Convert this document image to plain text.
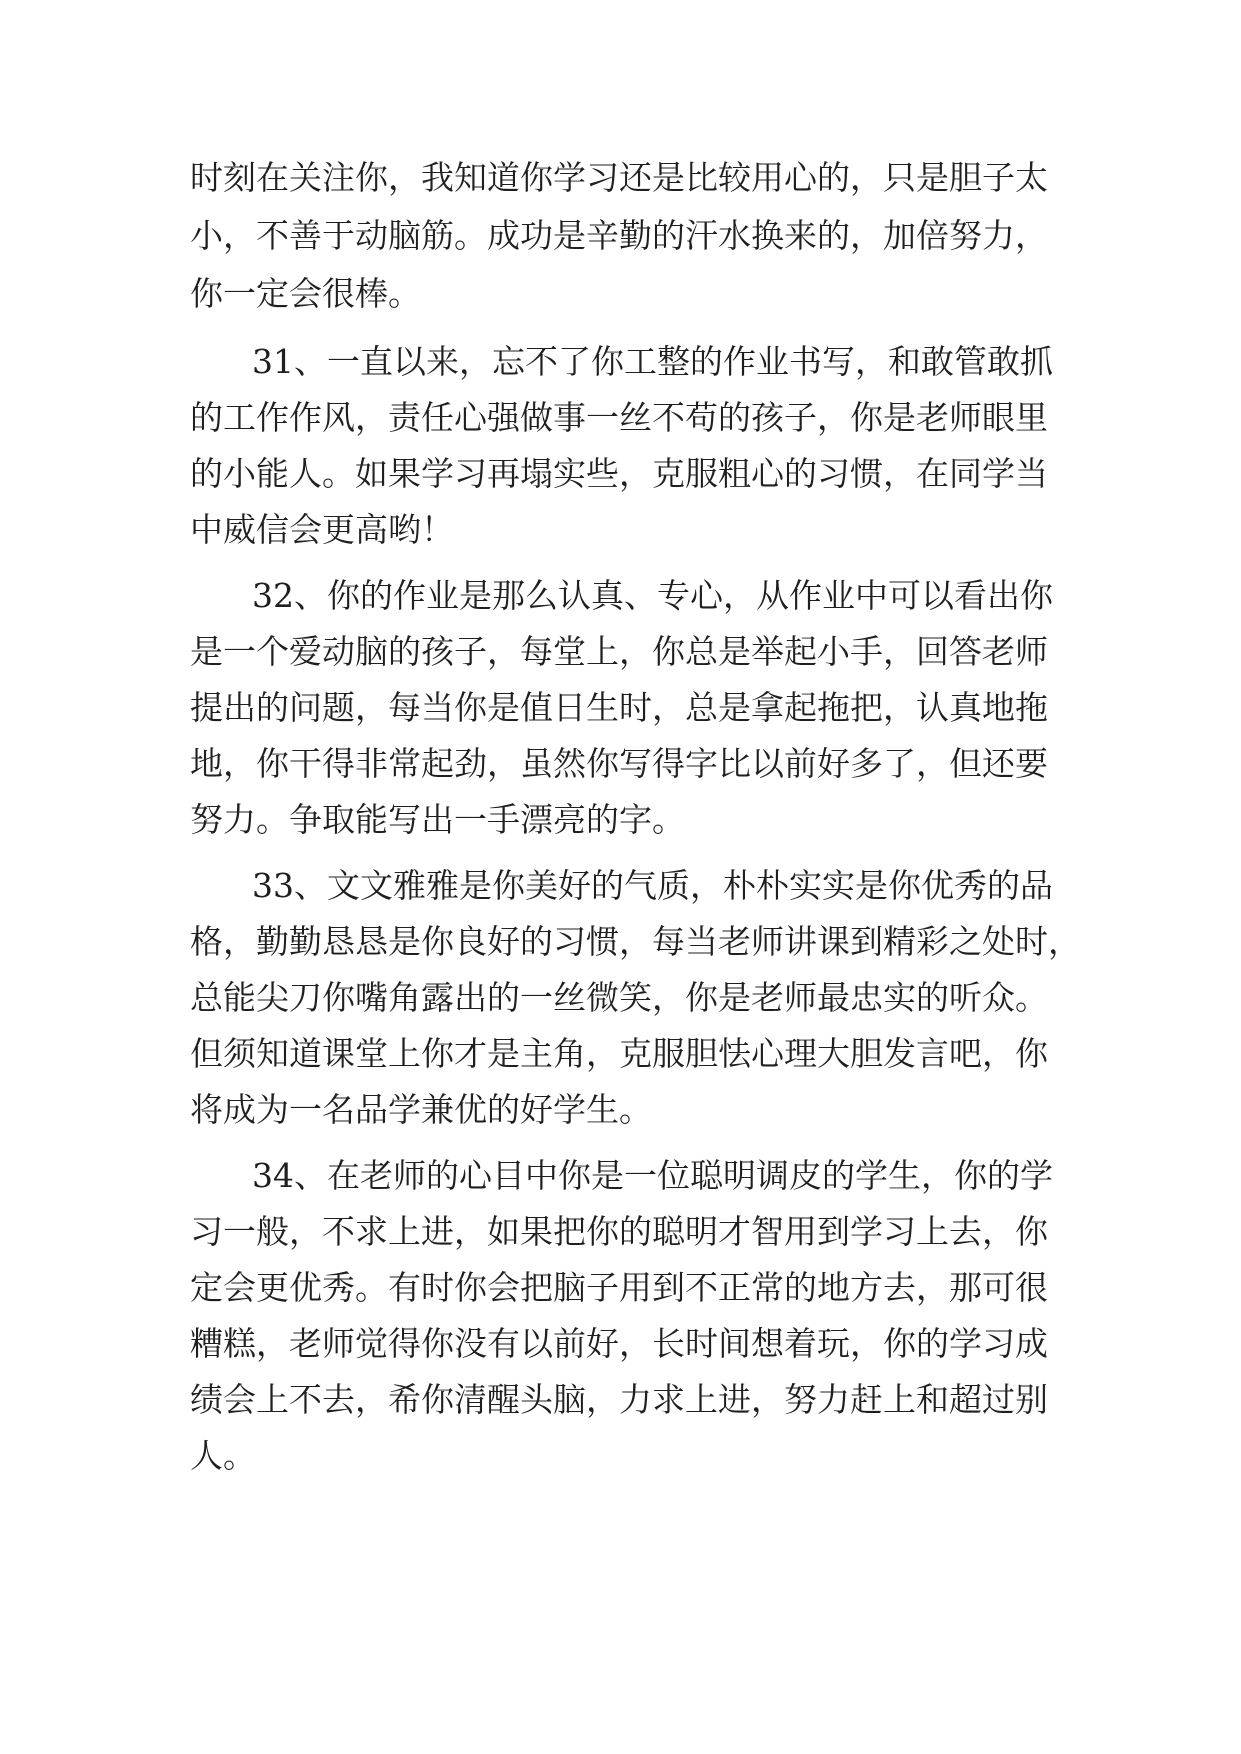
时刻在关注你，我知道你学习还是比较用心的，只是胆子太

小，不善于动脑筋。成功是辛勤的汗水换来的，加倍努力，

你一定会很棒。

31、一直以来，忘不了你工整的作业书写，和敢管敢抓

的工作作风，责任心强做事一丝不苟的孩子，你是老师眼里

的小能人。如果学习再塌实些，克服粗心的习惯，在同学当

中威信会更高哟！

32、你的作业是那么认真、专心，从作业中可以看出你

是一个爱动脑的孩子，每堂上，你总是举起小手，回答老师

提出的问题，每当你是值日生时，总是拿起拖把，认真地拖

地，你干得非常起劲，虽然你写得字比以前好多了，但还要

努力。争取能写出一手漂亮的字。

33、文文雅雅是你美好的气质，朴朴实实是你优秀的品

格，勤勤恳恳是你良好的习惯，每当老师讲课到精彩之处时，

总能尖刀你嘴角露出的一丝微笑，你是老师最忠实的听众。

但须知道课堂上你才是主角，克服胆怯心理大胆发言吧，你

将成为一名品学兼优的好学生。

34、在老师的心目中你是一位聪明调皮的学生，你的学

习一般，不求上进，如果把你的聪明才智用到学习上去，你

定会更优秀。有时你会把脑子用到不正常的地方去，那可很

糟糕，老师觉得你没有以前好，长时间想着玩，你的学习成

绩会上不去，希你清醒头脑，力求上进，努力赶上和超过别

人。
